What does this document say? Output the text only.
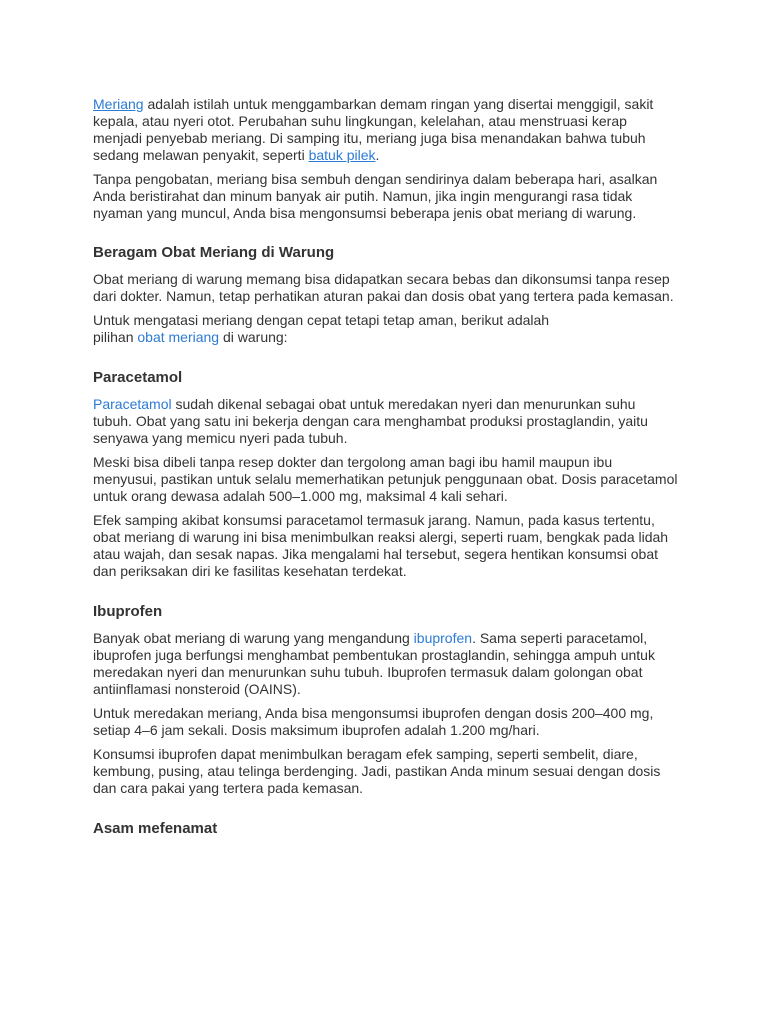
Meriang adalah istilah untuk menggambarkan demam ringan yang disertai menggigil, sakit kepala, atau nyeri otot. Perubahan suhu lingkungan, kelelahan, atau menstruasi kerap menjadi penyebab meriang. Di samping itu, meriang juga bisa menandakan bahwa tubuh sedang melawan penyakit, seperti batuk pilek.

Tanpa pengobatan, meriang bisa sembuh dengan sendirinya dalam beberapa hari, asalkan Anda beristirahat dan minum banyak air putih. Namun, jika ingin mengurangi rasa tidak nyaman yang muncul, Anda bisa mengonsumsi beberapa jenis obat meriang di warung.

Beragam Obat Meriang di Warung

Obat meriang di warung memang bisa didapatkan secara bebas dan dikonsumsi tanpa resep dari dokter. Namun, tetap perhatikan aturan pakai dan dosis obat yang tertera pada kemasan.

Untuk mengatasi meriang dengan cepat tetapi tetap aman, berikut adalah
pilihan obat meriang di warung:

Paracetamol

Paracetamol sudah dikenal sebagai obat untuk meredakan nyeri dan menurunkan suhu tubuh. Obat yang satu ini bekerja dengan cara menghambat produksi prostaglandin, yaitu senyawa yang memicu nyeri pada tubuh.

Meski bisa dibeli tanpa resep dokter dan tergolong aman bagi ibu hamil maupun ibu menyusui, pastikan untuk selalu memerhatikan petunjuk penggunaan obat. Dosis paracetamol untuk orang dewasa adalah 500–1.000 mg, maksimal 4 kali sehari.

Efek samping akibat konsumsi paracetamol termasuk jarang. Namun, pada kasus tertentu, obat meriang di warung ini bisa menimbulkan reaksi alergi, seperti ruam, bengkak pada lidah atau wajah, dan sesak napas. Jika mengalami hal tersebut, segera hentikan konsumsi obat dan periksakan diri ke fasilitas kesehatan terdekat.

Ibuprofen

Banyak obat meriang di warung yang mengandung ibuprofen. Sama seperti paracetamol, ibuprofen juga berfungsi menghambat pembentukan prostaglandin, sehingga ampuh untuk meredakan nyeri dan menurunkan suhu tubuh. Ibuprofen termasuk dalam golongan obat antiinflamasi nonsteroid (OAINS).

Untuk meredakan meriang, Anda bisa mengonsumsi ibuprofen dengan dosis 200–400 mg, setiap 4–6 jam sekali. Dosis maksimum ibuprofen adalah 1.200 mg/hari.

Konsumsi ibuprofen dapat menimbulkan beragam efek samping, seperti sembelit, diare, kembung, pusing, atau telinga berdenging. Jadi, pastikan Anda minum sesuai dengan dosis dan cara pakai yang tertera pada kemasan.

Asam mefenamat
